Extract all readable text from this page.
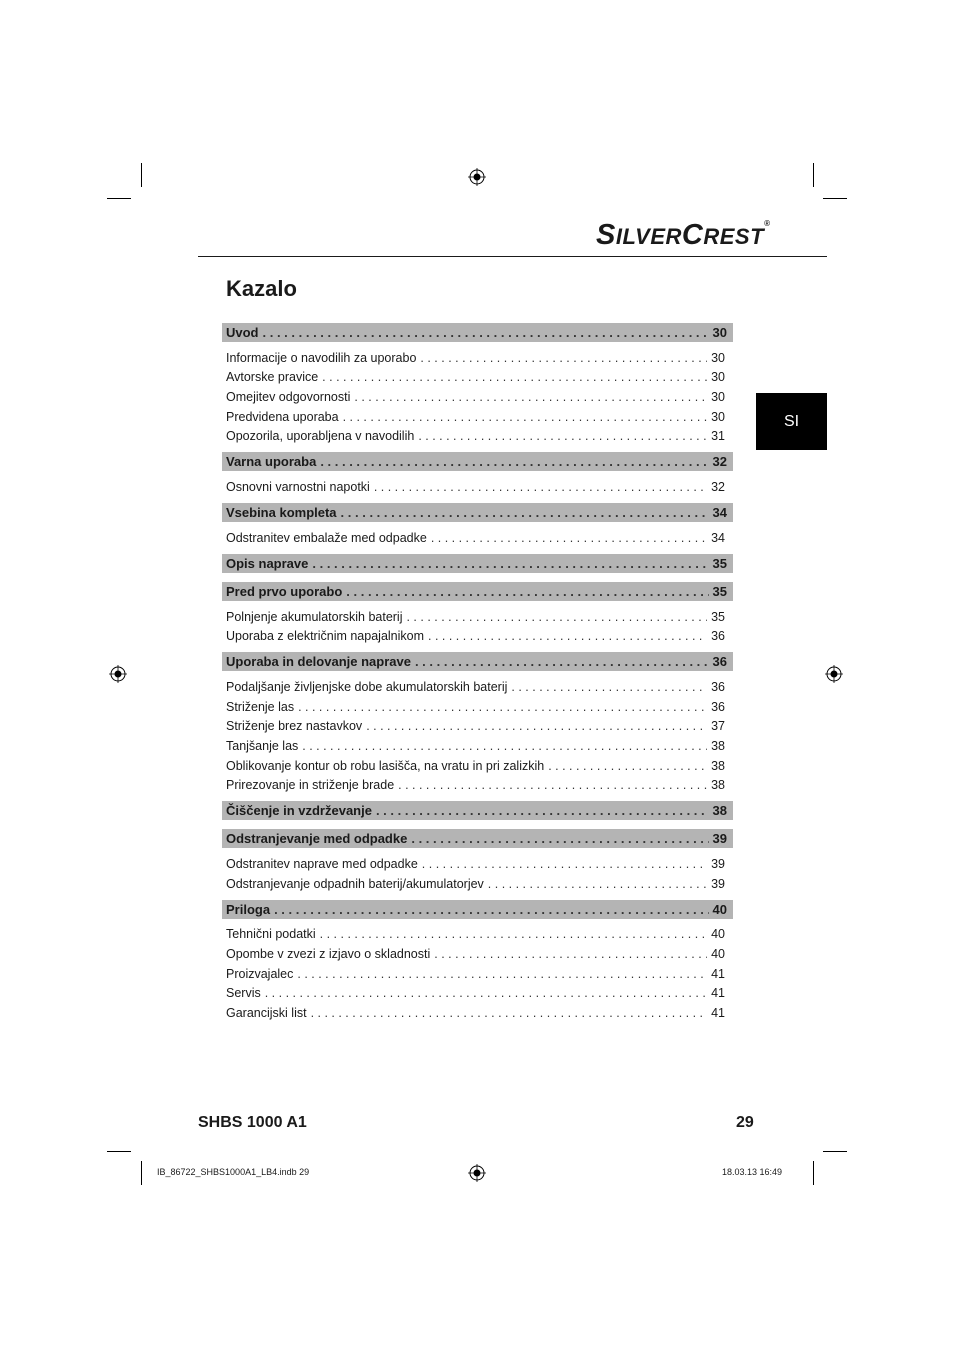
SILVERCREST®
Kazalo
SI
Uvod . . .	30
Informacije o navodilih za uporabo . . .	30
Avtorske pravice . . .	30
Omejitev odgovornosti . . .	30
Predvidena uporaba . . .	30
Opozorila, uporabljena v navodilih . . .	31
Varna uporaba . . .	32
Osnovni varnostni napotki . . .	32
Vsebina kompleta . . .	34
Odstranitev embalaže med odpadke . . .	34
Opis naprave . . .	35
Pred prvo uporabo . . .	35
Polnjenje akumulatorskih baterij . . .	35
Uporaba z električnim napajalnikom . . .	36
Uporaba in delovanje naprave . . .	36
Podaljšanje življenjske dobe akumulatorskih baterij . . .	36
Striženje las . . .	36
Striženje brez nastavkov . . .	37
Tanjšanje las . . .	38
Oblikovanje kontur ob robu lasišča, na vratu in pri zalizkih . . .	38
Prirezovanje in striženje brade . . .	38
Čiščenje in vzdrževanje . . .	38
Odstranjevanje med odpadke . . .	39
Odstranitev naprave med odpadke . . .	39
Odstranjevanje odpadnih baterij/akumulatorjev . . .	39
Priloga . . .	40
Tehnični podatki . . .	40
Opombe v zvezi z izjavo o skladnosti . . .	40
Proizvajalec . . .	41
Servis . . .	41
Garancijski list . . .	41
SHBS 1000 A1	29
IB_86722_SHBS1000A1_LB4.indb 29	18.03.13 16:49
